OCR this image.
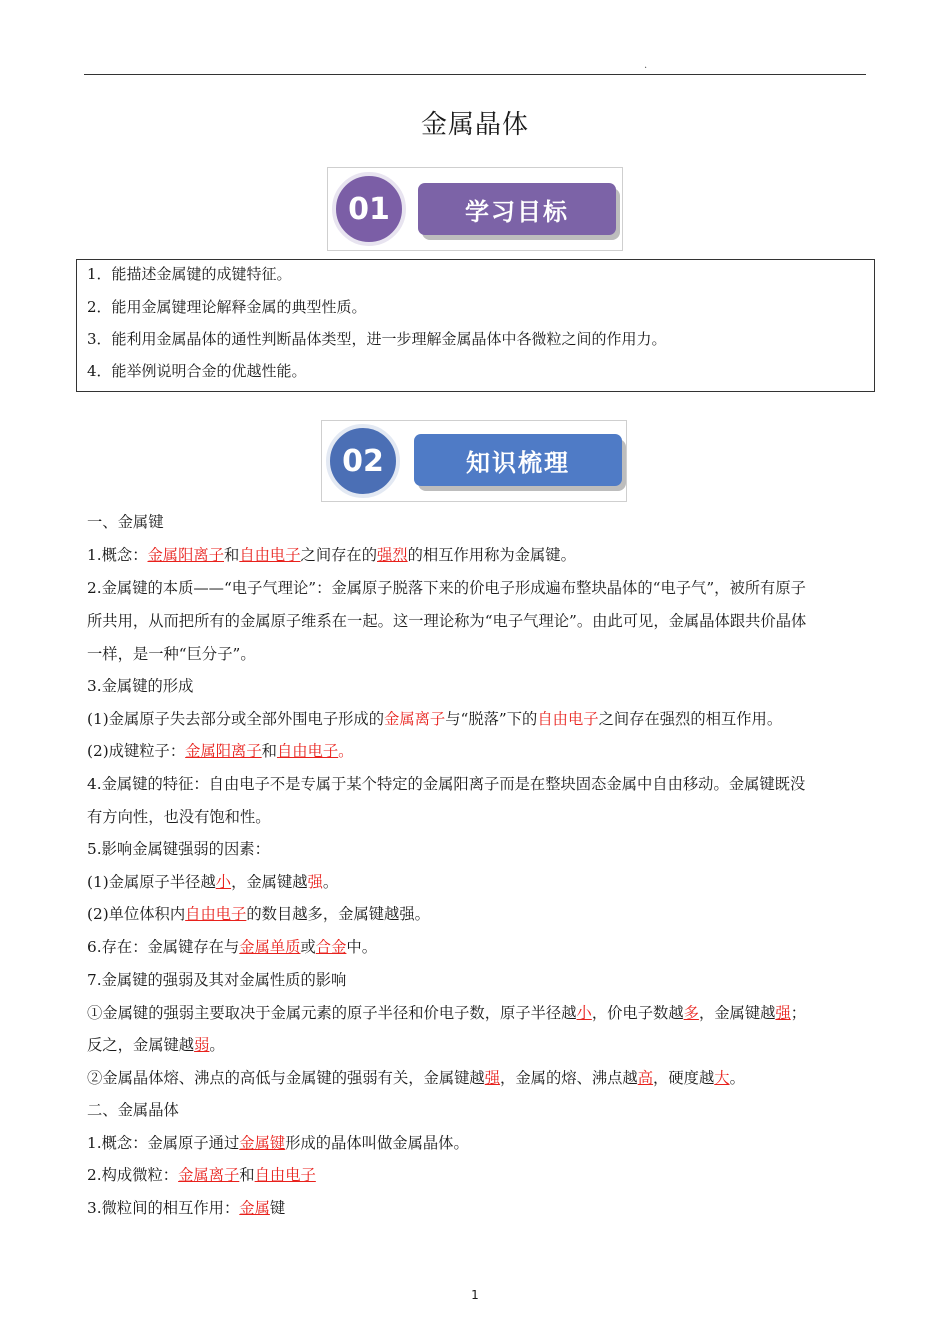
.
金属晶体
学习目标
01
1．能描述金属键的成键特征。
2．能用金属键理论解释金属的典型性质。
3．能利用金属晶体的通性判断晶体类型，进一步理解金属晶体中各微粒之间的作用力。
4．能举例说明合金的优越性能。
知识梳理
02
一、金属键
1.概念：金属阳离子和自由电子之间存在的强烈的相互作用称为金属键。
2.金属键的本质——“电子气理论”：金属原子脱落下来的价电子形成遍布整块晶体的“电子气”，被所有原子
所共用，从而把所有的金属原子维系在一起。这一理论称为“电子气理论”。由此可见，金属晶体跟共价晶体
一样，是一种“巨分子”。
3.金属键的形成
(1)金属原子失去部分或全部外围电子形成的金属离子与“脱落”下的自由电子之间存在强烈的相互作用。
(2)成键粒子：金属阳离子和自由电子。
4.金属键的特征：自由电子不是专属于某个特定的金属阳离子而是在整块固态金属中自由移动。金属键既没
有方向性，也没有饱和性。
5.影响金属键强弱的因素：
(1)金属原子半径越小，金属键越强。
(2)单位体积内自由电子的数目越多，金属键越强。
6.存在：金属键存在与金属单质或合金中。
7.金属键的强弱及其对金属性质的影响
①金属键的强弱主要取决于金属元素的原子半径和价电子数，原子半径越小，价电子数越多，金属键越强；
反之，金属键越弱。
②金属晶体熔、沸点的高低与金属键的强弱有关，金属键越强，金属的熔、沸点越高，硬度越大。
二、金属晶体
1.概念：金属原子通过金属键形成的晶体叫做金属晶体。
2.构成微粒：金属离子和自由电子
3.微粒间的相互作用：金属键
1
